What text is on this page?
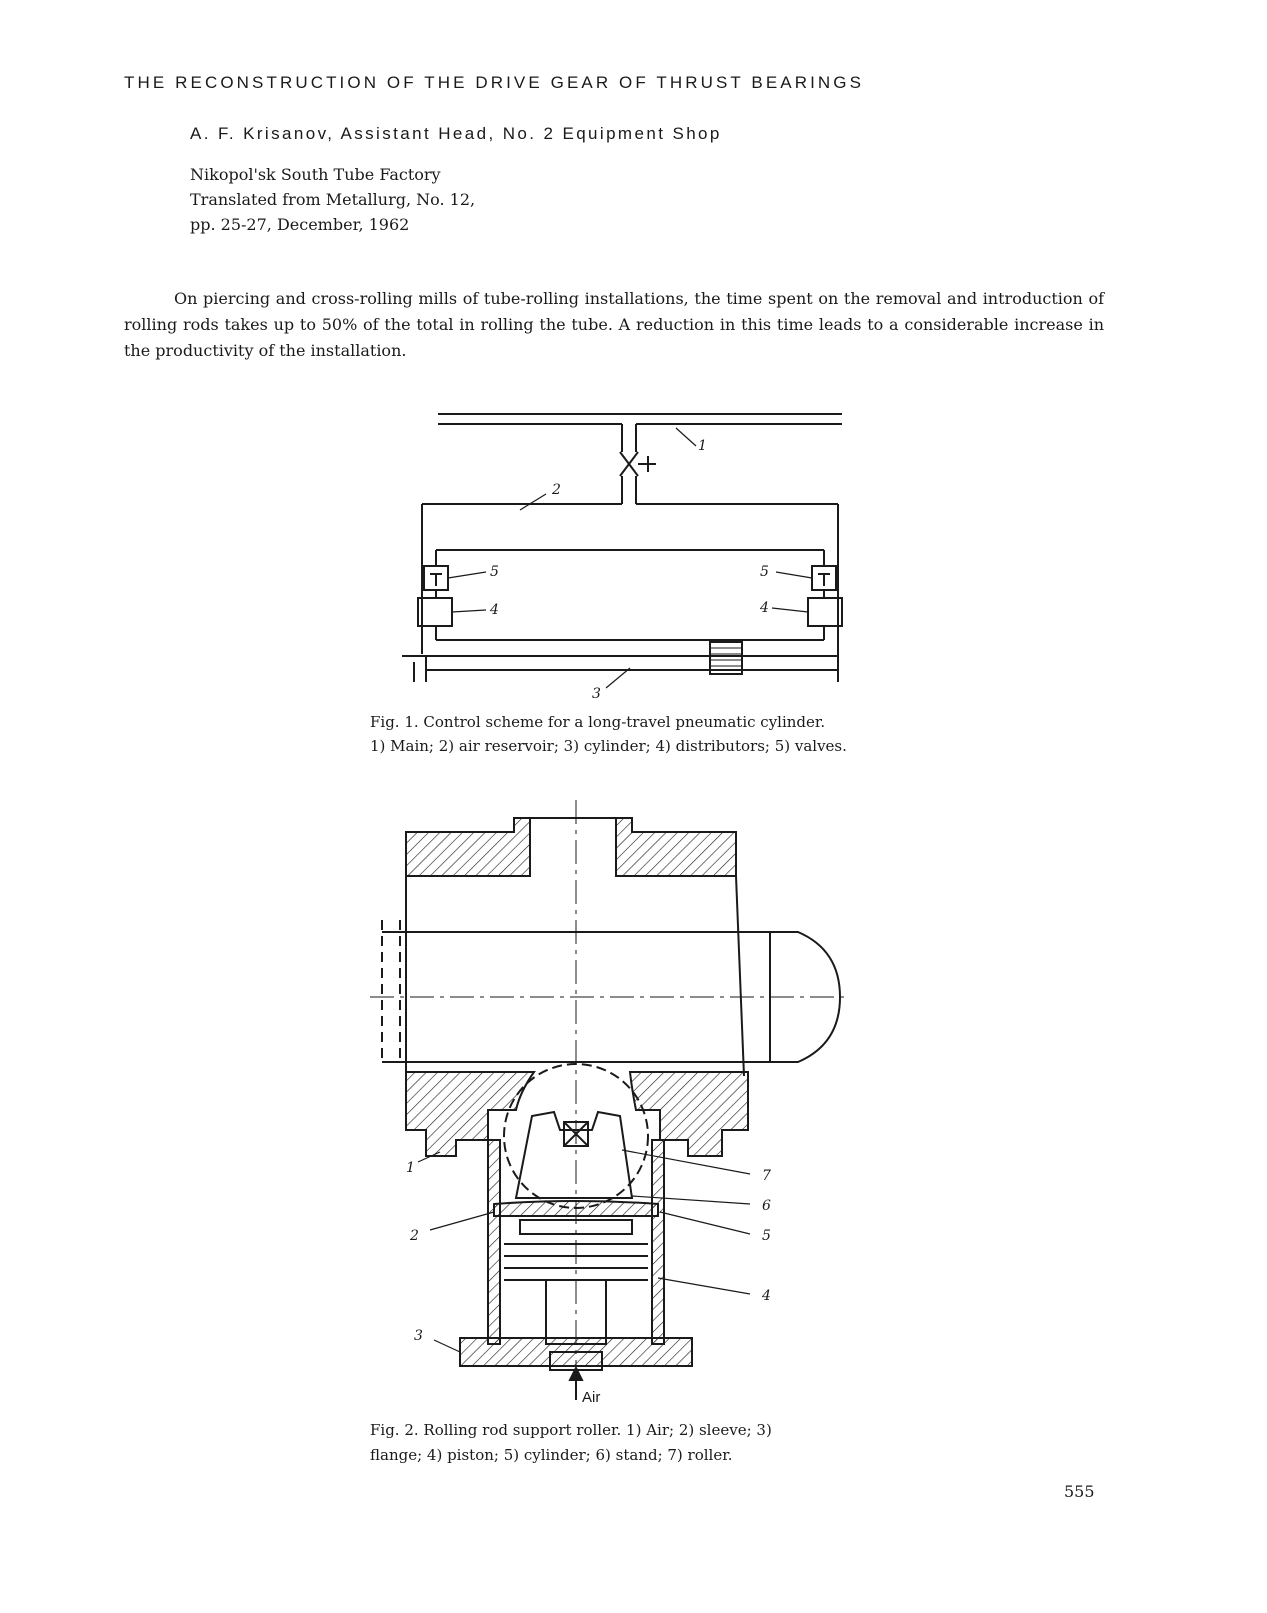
THE RECONSTRUCTION OF THE DRIVE GEAR OF THRUST BEARINGS
A. F. Krisanov, Assistant Head, No. 2 Equipment Shop
Nikopol'sk South Tube Factory
Translated from Metallurg, No. 12,
pp. 25-27, December, 1962
On piercing and cross-rolling mills of tube-rolling installations, the time spent on the removal and introduction of rolling rods takes up to 50% of the total in rolling the tube. A reduction in this time leads to a considerable increase in the productivity of the installation.
1
2
3
4	4
5	5
Fig. 1. Control scheme for a long-travel pneumatic cylinder.
1) Main; 2) air reservoir; 3) cylinder; 4) distributors; 5) valves.
1
2
3
4
5
6
7
Air
Fig. 2. Rolling rod support roller. 1) Air; 2) sleeve; 3)
flange; 4) piston; 5) cylinder; 6) stand; 7) roller.
555
